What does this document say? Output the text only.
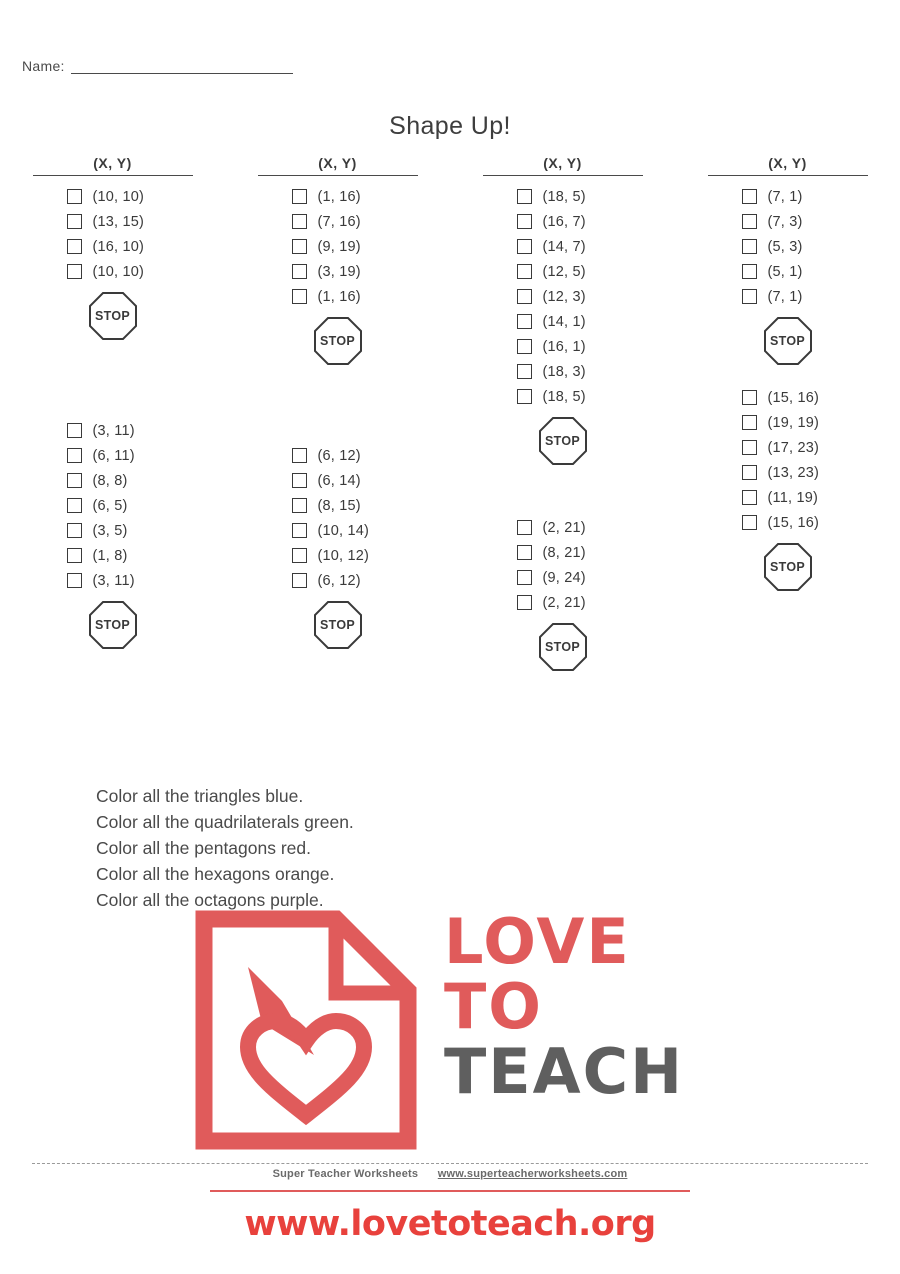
Name:
Shape Up!
(X, Y)
(10, 10)
(13, 15)
(16, 10)
(10, 10)
STOP
(3, 11)
(6, 11)
(8, 8)
(6, 5)
(3, 5)
(1, 8)
(3, 11)
STOP
(X, Y)
(1, 16)
(7, 16)
(9, 19)
(3, 19)
(1, 16)
STOP
(6, 12)
(6, 14)
(8, 15)
(10, 14)
(10, 12)
(6, 12)
STOP
(X, Y)
(18, 5)
(16, 7)
(14, 7)
(12, 5)
(12, 3)
(14, 1)
(16, 1)
(18, 3)
(18, 5)
STOP
(2, 21)
(8, 21)
(9, 24)
(2, 21)
STOP
(X, Y)
(7, 1)
(7, 3)
(5, 3)
(5, 1)
(7, 1)
STOP
(15, 16)
(19, 19)
(17, 23)
(13, 23)
(11, 19)
(15, 16)
STOP
Color all the triangles blue.
Color all the quadrilaterals green.
Color all the pentagons red.
Color all the hexagons orange.
Color all the octagons purple.
LOVE
TO
TEACH
Super Teacher Worksheets www.superteacherworksheets.com
www.lovetoteach.org
